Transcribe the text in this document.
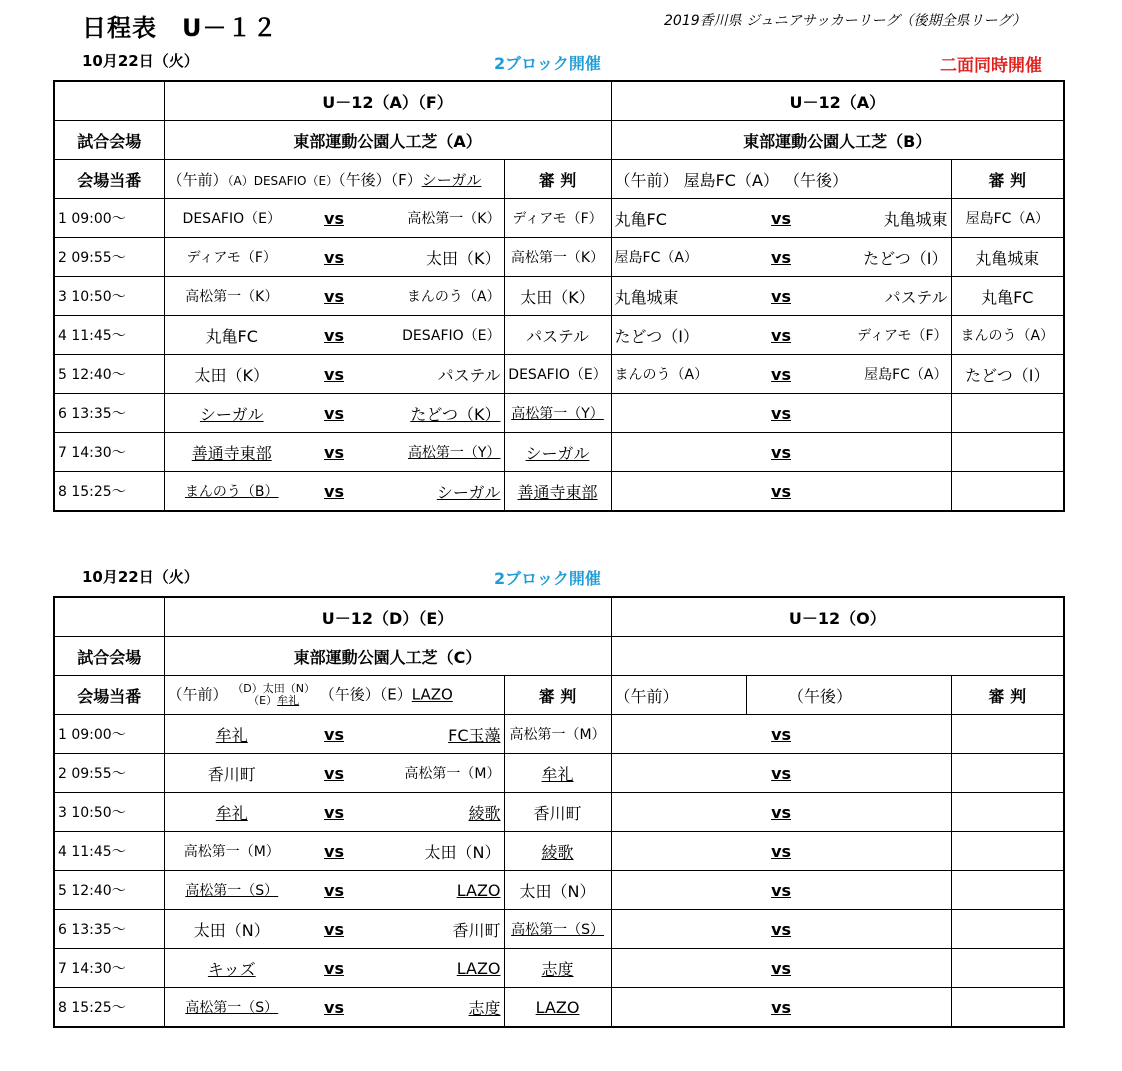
日程表　U－１２	2019香川県 ジュニアサッカーリーグ（後期全県リーグ）
10月22日（火）	2ブロック開催	二面同時開催
	U－12（A）（F）				U－12（A）			
試合会場	東部運動公園人工芝（A）				東部運動公園人工芝（B）			
会場当番	（午前）（A）DESAFIO（E）（午後）（F）シーガル			審 判	（午前） 屋島FC（A） （午後）			審 判
1 09:00～	DESAFIO（E）	vs	高松第一（K）	ディアモ（F）	丸亀FC	vs	丸亀城東	屋島FC（A）
2 09:55～	ディアモ（F）	vs	太田（K）	高松第一（K）	屋島FC（A）	vs	たどつ（I）	丸亀城東
3 10:50～	高松第一（K）	vs	まんのう（A）	太田（K）	丸亀城東	vs	パステル	丸亀FC
4 11:45～	丸亀FC	vs	DESAFIO（E）	パステル	たどつ（I）	vs	ディアモ（F）	まんのう（A）
5 12:40～	太田（K）	vs	パステル	DESAFIO（E）	まんのう（A）	vs	屋島FC（A）	たどつ（I）
6 13:35～	シーガル	vs	たどつ（K）	高松第一（Y）		vs		
7 14:30～	善通寺東部	vs	高松第一（Y）	シーガル		vs		
8 15:25～	まんのう（B）	vs	シーガル	善通寺東部		vs		
10月22日（火）	2ブロック開催
	U－12（D）（E）				U－12（O）			
試合会場	東部運動公園人工芝（C）							
会場当番	（午前） （D）太田（N）
（E）牟礼 （午後）（E）LAZO			審 判	（午前）	（午後）		審 判
1 09:00～	牟礼	vs	FC玉藻	高松第一（M）		vs		
2 09:55～	香川町	vs	高松第一（M）	牟礼		vs		
3 10:50～	牟礼	vs	綾歌	香川町		vs		
4 11:45～	高松第一（M）	vs	太田（N）	綾歌		vs		
5 12:40～	高松第一（S）	vs	LAZO	太田（N）		vs		
6 13:35～	太田（N）	vs	香川町	高松第一（S）		vs		
7 14:30～	キッズ	vs	LAZO	志度		vs		
8 15:25～	高松第一（S）	vs	志度	LAZO		vs		
